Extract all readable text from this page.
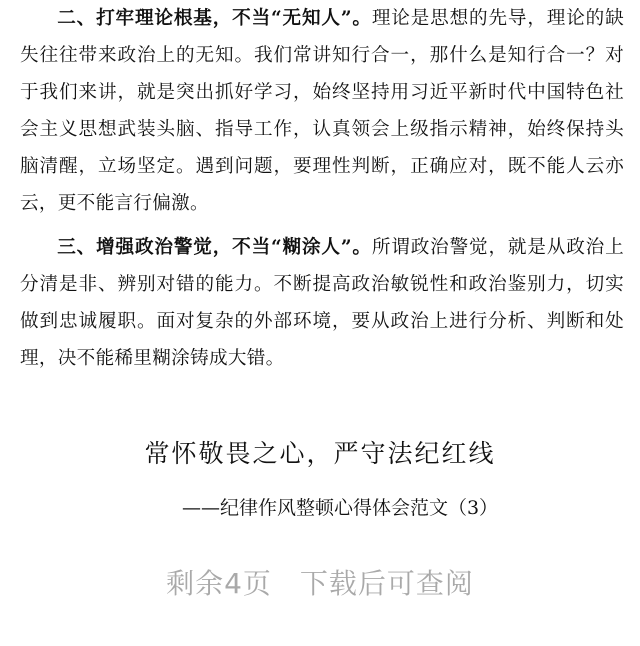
二、打牢理论根基，不当“无知人”。理论是思想的先导，理论的缺失往往带来政治上的无知。我们常讲知行合一，那什么是知行合一？对于我们来讲，就是突出抓好学习，始终坚持用习近平新时代中国特色社会主义思想武装头脑、指导工作，认真领会上级指示精神，始终保持头脑清醒，立场坚定。遇到问题，要理性判断，正确应对，既不能人云亦云，更不能言行偏激。

三、增强政治警觉，不当“糊涂人”。所谓政治警觉，就是从政治上分清是非、辨别对错的能力。不断提高政治敏锐性和政治鉴别力，切实做到忠诚履职。面对复杂的外部环境，要从政治上进行分析、判断和处理，决不能稀里糊涂铸成大错。

常怀敬畏之心，严守法纪红线

——纪律作风整顿心得体会范文（3）

剩余4页 下载后可查阅
